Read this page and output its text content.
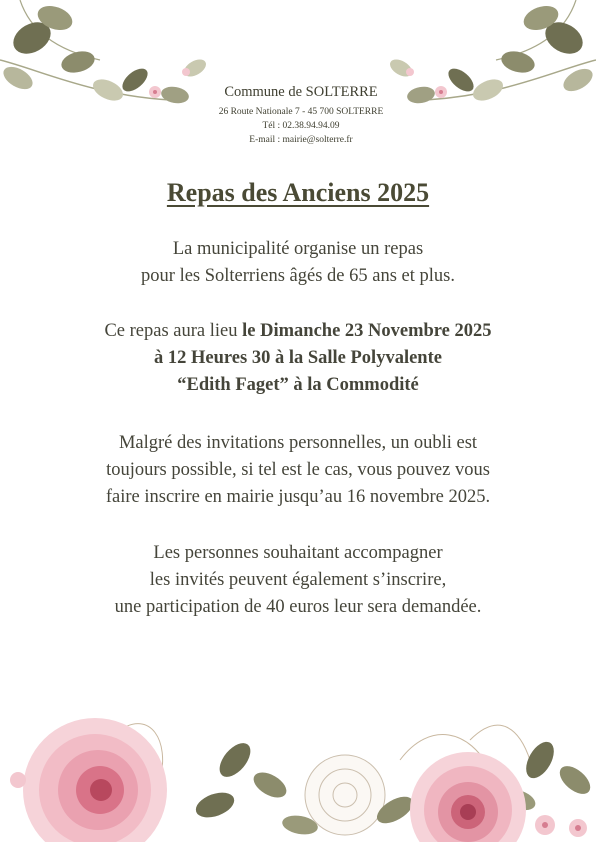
Commune de SOLTERRE
26 Route Nationale 7 - 45 700 SOLTERRE
Tél : 02.38.94.94.09
E-mail : mairie@solterre.fr
Repas des Anciens 2025
La municipalité organise un repas
pour les Solterriens âgés de 65 ans et plus.
Ce repas aura lieu le Dimanche 23 Novembre 2025
à 12 Heures 30 à la Salle Polyvalente
“Edith Faget” à la Commodité
Malgré des invitations personnelles, un oubli est
toujours possible, si tel est le cas, vous pouvez vous
faire inscrire en mairie jusqu’au 16 novembre 2025.
Les personnes souhaitant accompagner
les invités peuvent également s’inscrire,
une participation de 40 euros leur sera demandée.
